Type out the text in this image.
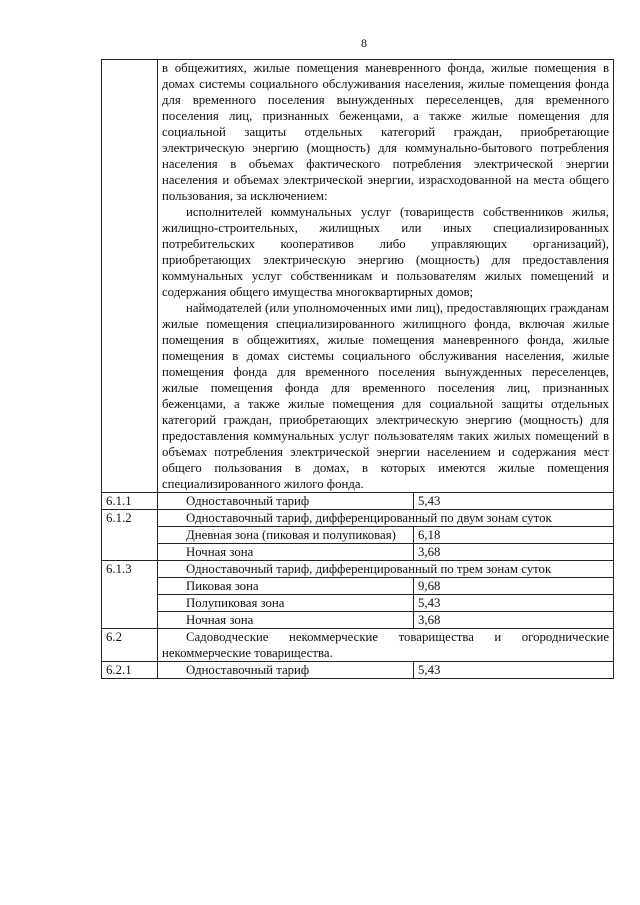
8

	в общежитиях, жилые помещения маневренного фонда, жилые помещения в домах системы социального обслуживания населения, жилые помещения фонда для временного поселения вынужденных переселенцев, для временного поселения лиц, признанных беженцами, а также жилые помещения для социальной защиты отдельных категорий граждан, приобретающие электрическую энергию (мощность) для коммунально-бытового потребления населения в объемах фактического потребления электрической энергии населения и объемах электрической энергии, израсходованной на места общего пользования, за исключением:

исполнителей коммунальных услуг (товариществ собственников жилья, жилищно-строительных, жилищных или иных специализированных потребительских кооперативов либо управляющих организаций), приобретающих электрическую энергию (мощность) для предоставления коммунальных услуг собственникам и пользователям жилых помещений и содержания общего имущества многоквартирных домов;

наймодателей (или уполномоченных ими лиц), предоставляющих гражданам жилые помещения специализированного жилищного фонда, включая жилые помещения в общежитиях, жилые помещения маневренного фонда, жилые помещения в домах системы социального обслуживания населения, жилые помещения фонда для временного поселения вынужденных переселенцев, жилые помещения фонда для временного поселения лиц, признанных беженцами, а также жилые помещения для социальной защиты отдельных категорий граждан, приобретающих электрическую энергию (мощность) для предоставления коммунальных услуг пользователям таких жилых помещений в объемах потребления электрической энергии населением и содержания мест общего пользования в домах, в которых имеются жилые помещения специализированного жилого фонда.	

6.1.1	Одноставочный тариф	5,43
6.1.2	Одноставочный тариф, дифференцированный по двум зонам суток	
	Дневная зона (пиковая и полупиковая)	6,18
	Ночная зона	3,68
6.1.3	Одноставочный тариф, дифференцированный по трем зонам суток	
	Пиковая зона	9,68
	Полупиковая зона	5,43
	Ночная зона	3,68
6.2	Садоводческие некоммерческие товарищества и огороднические некоммерческие товарищества.	
6.2.1	Одноставочный тариф	5,43
